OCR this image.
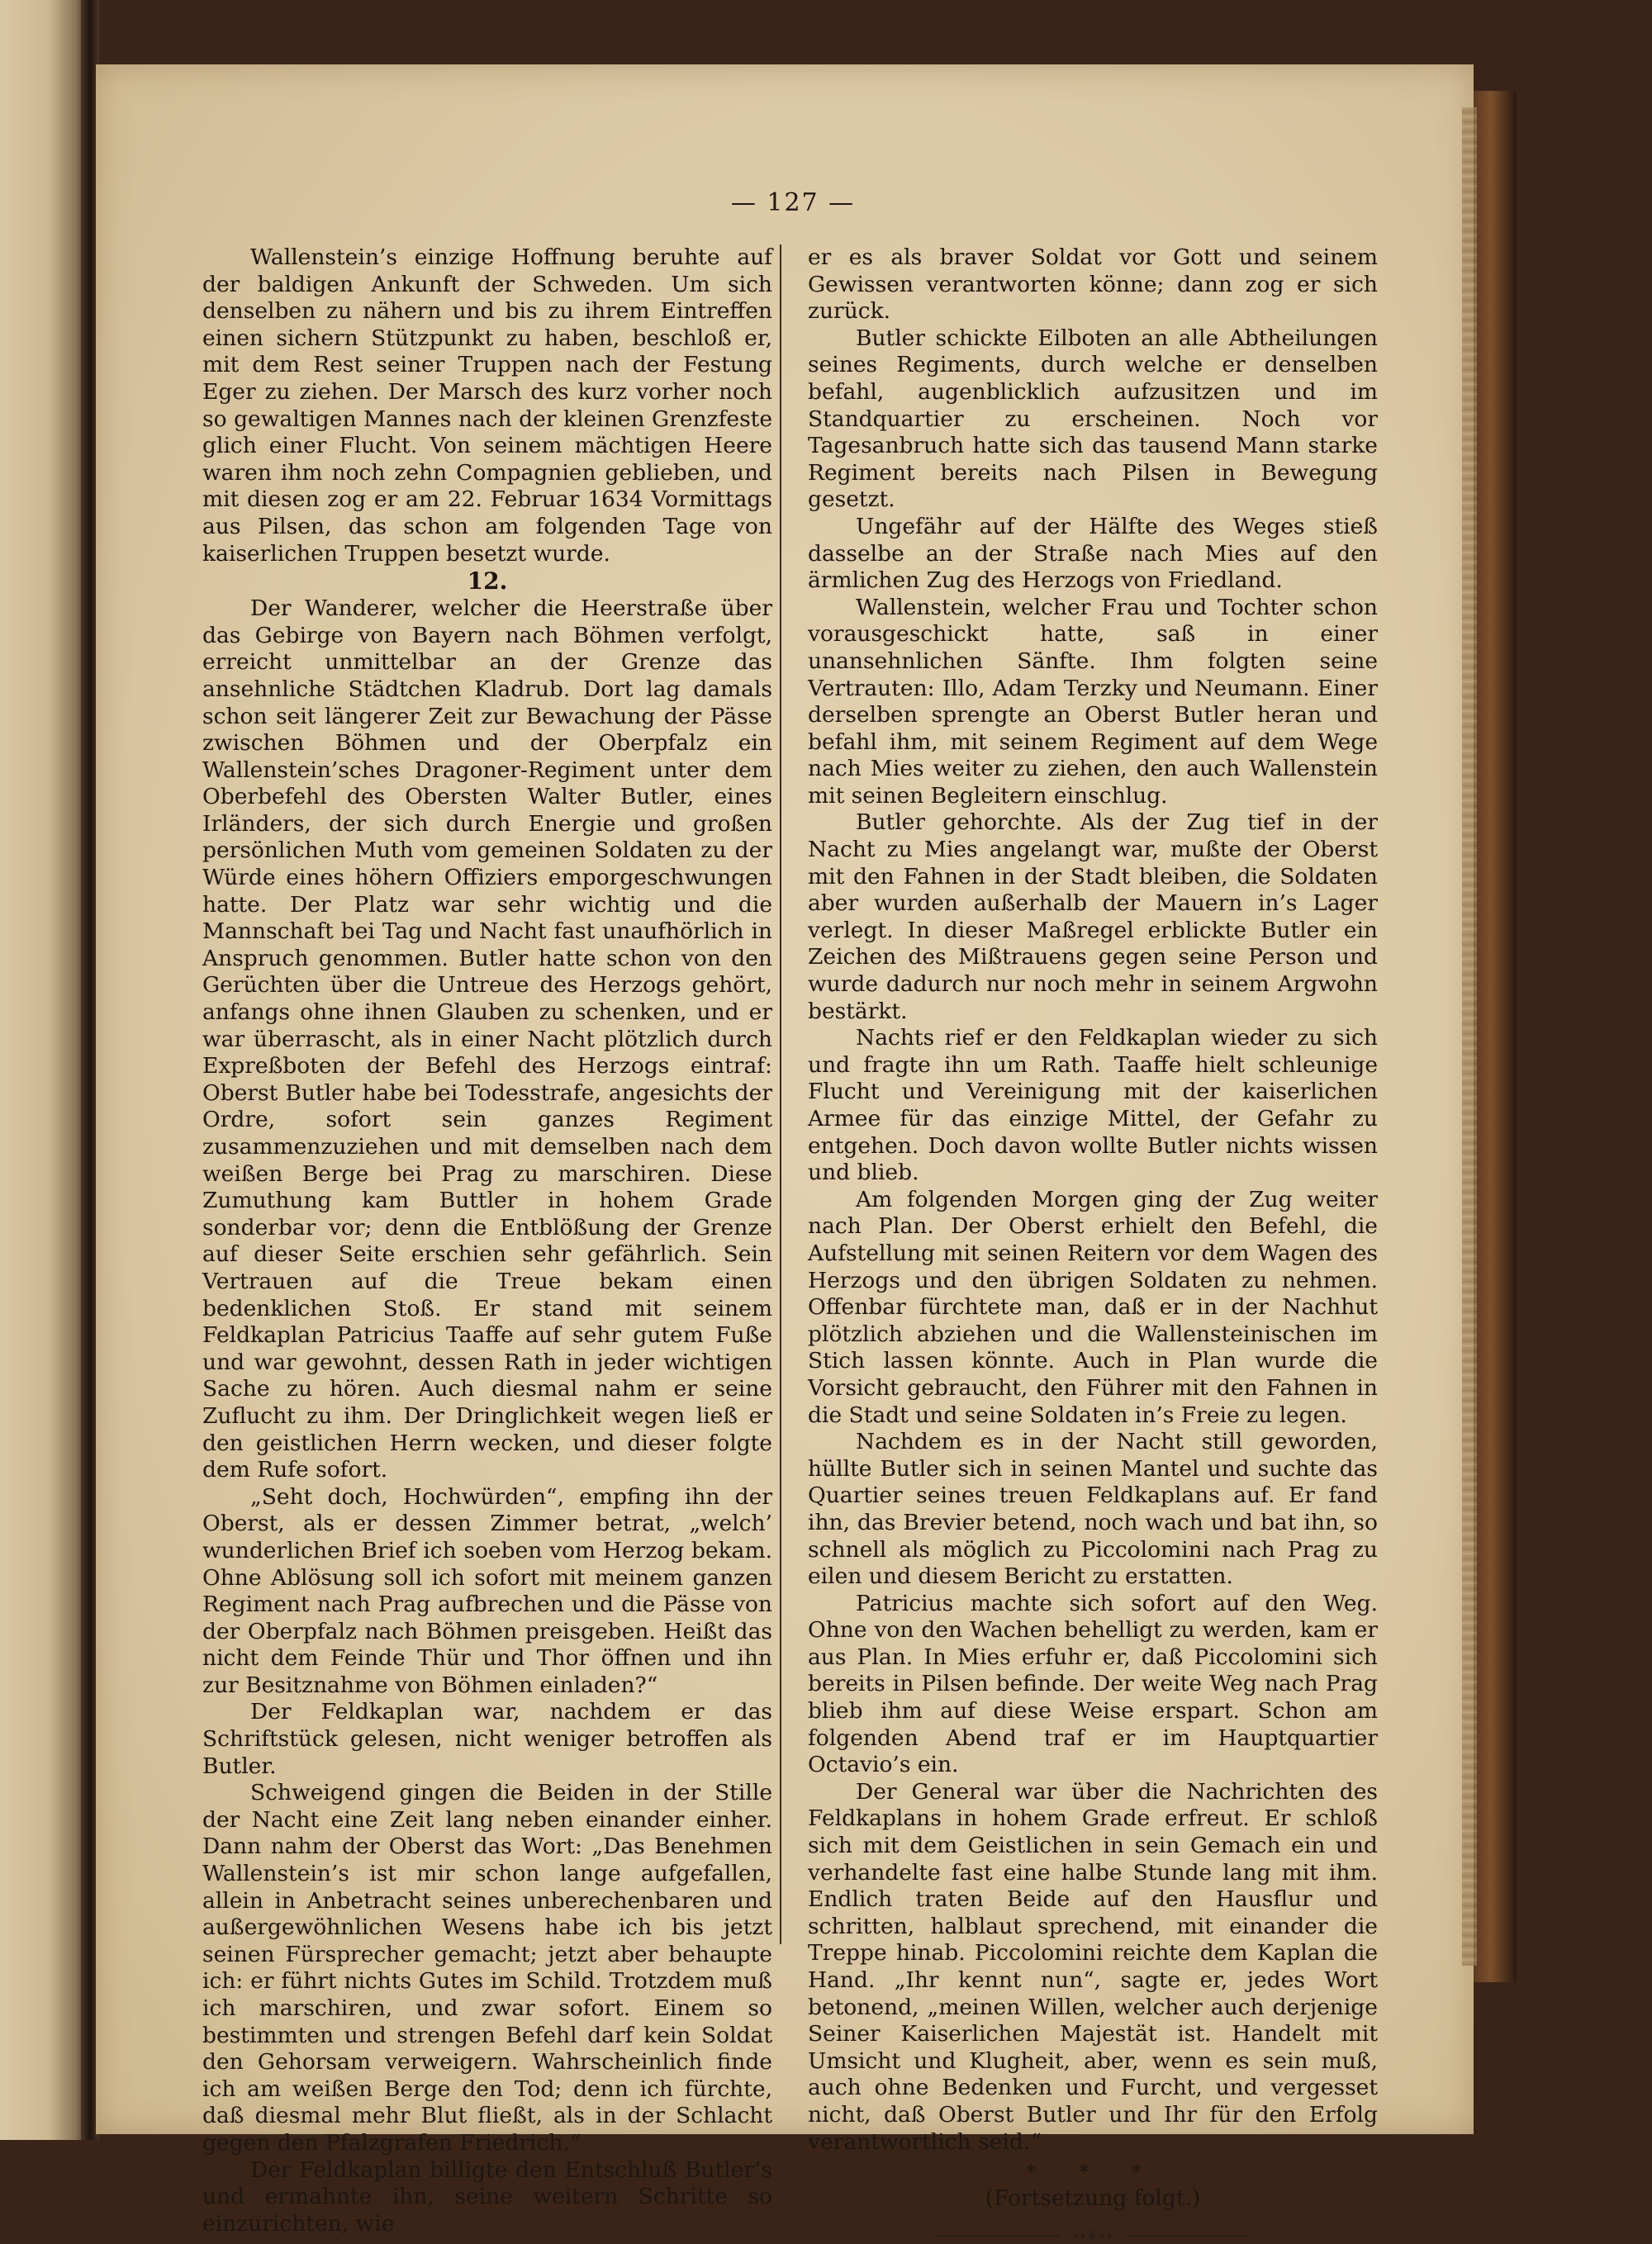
— 127 —

Wallenstein’s einzige Hoffnung beruhte auf der baldigen Ankunft der Schweden. Um sich denselben zu nähern und bis zu ihrem Eintreffen einen sichern Stützpunkt zu haben, beschloß er, mit dem Rest seiner Truppen nach der Festung Eger zu ziehen. Der Marsch des kurz vorher noch so gewaltigen Mannes nach der kleinen Grenzfeste glich einer Flucht. Von seinem mächtigen Heere waren ihm noch zehn Compagnien geblieben, und mit diesen zog er am 22. Februar 1634 Vormittags aus Pilsen, das schon am folgenden Tage von kaiserlichen Truppen besetzt wurde.

12.

Der Wanderer, welcher die Heerstraße über das Gebirge von Bayern nach Böhmen verfolgt, erreicht unmittelbar an der Grenze das ansehnliche Städtchen Kladrub. Dort lag damals schon seit längerer Zeit zur Bewachung der Pässe zwischen Böhmen und der Oberpfalz ein Wallenstein’sches Dragoner-Regiment unter dem Oberbefehl des Obersten Walter Butler, eines Irländers, der sich durch Energie und großen persönlichen Muth vom gemeinen Soldaten zu der Würde eines höhern Offiziers emporgeschwungen hatte. Der Platz war sehr wichtig und die Mannschaft bei Tag und Nacht fast unaufhörlich in Anspruch genommen. Butler hatte schon von den Gerüchten über die Untreue des Herzogs gehört, anfangs ohne ihnen Glauben zu schenken, und er war überrascht, als in einer Nacht plötzlich durch Expreßboten der Befehl des Herzogs eintraf: Oberst Butler habe bei Todesstrafe, angesichts der Ordre, sofort sein ganzes Regiment zusammenzuziehen und mit demselben nach dem weißen Berge bei Prag zu marschiren. Diese Zumuthung kam Buttler in hohem Grade sonderbar vor; denn die Entblößung der Grenze auf dieser Seite erschien sehr gefährlich. Sein Vertrauen auf die Treue bekam einen bedenklichen Stoß. Er stand mit seinem Feldkaplan Patricius Taaffe auf sehr gutem Fuße und war gewohnt, dessen Rath in jeder wichtigen Sache zu hören. Auch diesmal nahm er seine Zuflucht zu ihm. Der Dringlichkeit wegen ließ er den geistlichen Herrn wecken, und dieser folgte dem Rufe sofort.

„Seht doch, Hochwürden“, empfing ihn der Oberst, als er dessen Zimmer betrat, „welch’ wunderlichen Brief ich soeben vom Herzog bekam. Ohne Ablösung soll ich sofort mit meinem ganzen Regiment nach Prag aufbrechen und die Pässe von der Oberpfalz nach Böhmen preisgeben. Heißt das nicht dem Feinde Thür und Thor öffnen und ihn zur Besitznahme von Böhmen einladen?“

Der Feldkaplan war, nachdem er das Schriftstück gelesen, nicht weniger betroffen als Butler.

Schweigend gingen die Beiden in der Stille der Nacht eine Zeit lang neben einander einher. Dann nahm der Oberst das Wort: „Das Benehmen Wallenstein’s ist mir schon lange aufgefallen, allein in Anbetracht seines unberechenbaren und außergewöhnlichen Wesens habe ich bis jetzt seinen Fürsprecher gemacht; jetzt aber behaupte ich: er führt nichts Gutes im Schild. Trotzdem muß ich marschiren, und zwar sofort. Einem so bestimmten und strengen Befehl darf kein Soldat den Gehorsam verweigern. Wahrscheinlich finde ich am weißen Berge den Tod; denn ich fürchte, daß diesmal mehr Blut fließt, als in der Schlacht gegen den Pfalzgrafen Friedrich.“

Der Feldkaplan billigte den Entschluß Butler’s und ermahnte ihn, seine weitern Schritte so einzurichten, wie

er es als braver Soldat vor Gott und seinem Gewissen verantworten könne; dann zog er sich zurück.

Butler schickte Eilboten an alle Abtheilungen seines Regiments, durch welche er denselben befahl, augenblicklich aufzusitzen und im Standquartier zu erscheinen. Noch vor Tagesanbruch hatte sich das tausend Mann starke Regiment bereits nach Pilsen in Bewegung gesetzt.

Ungefähr auf der Hälfte des Weges stieß dasselbe an der Straße nach Mies auf den ärmlichen Zug des Herzogs von Friedland.

Wallenstein, welcher Frau und Tochter schon vorausgeschickt hatte, saß in einer unansehnlichen Sänfte. Ihm folgten seine Vertrauten: Illo, Adam Terzky und Neumann. Einer derselben sprengte an Oberst Butler heran und befahl ihm, mit seinem Regiment auf dem Wege nach Mies weiter zu ziehen, den auch Wallenstein mit seinen Begleitern einschlug.

Butler gehorchte. Als der Zug tief in der Nacht zu Mies angelangt war, mußte der Oberst mit den Fahnen in der Stadt bleiben, die Soldaten aber wurden außerhalb der Mauern in’s Lager verlegt. In dieser Maßregel erblickte Butler ein Zeichen des Mißtrauens gegen seine Person und wurde dadurch nur noch mehr in seinem Argwohn bestärkt.

Nachts rief er den Feldkaplan wieder zu sich und fragte ihn um Rath. Taaffe hielt schleunige Flucht und Vereinigung mit der kaiserlichen Armee für das einzige Mittel, der Gefahr zu entgehen. Doch davon wollte Butler nichts wissen und blieb.

Am folgenden Morgen ging der Zug weiter nach Plan. Der Oberst erhielt den Befehl, die Aufstellung mit seinen Reitern vor dem Wagen des Herzogs und den übrigen Soldaten zu nehmen. Offenbar fürchtete man, daß er in der Nachhut plötzlich abziehen und die Wallensteinischen im Stich lassen könnte. Auch in Plan wurde die Vorsicht gebraucht, den Führer mit den Fahnen in die Stadt und seine Soldaten in’s Freie zu legen.

Nachdem es in der Nacht still geworden, hüllte Butler sich in seinen Mantel und suchte das Quartier seines treuen Feldkaplans auf. Er fand ihn, das Brevier betend, noch wach und bat ihn, so schnell als möglich zu Piccolomini nach Prag zu eilen und diesem Bericht zu erstatten.

Patricius machte sich sofort auf den Weg. Ohne von den Wachen behelligt zu werden, kam er aus Plan. In Mies erfuhr er, daß Piccolomini sich bereits in Pilsen befinde. Der weite Weg nach Prag blieb ihm auf diese Weise erspart. Schon am folgenden Abend traf er im Hauptquartier Octavio’s ein.

Der General war über die Nachrichten des Feldkaplans in hohem Grade erfreut. Er schloß sich mit dem Geistlichen in sein Gemach ein und verhandelte fast eine halbe Stunde lang mit ihm. Endlich traten Beide auf den Hausflur und schritten, halblaut sprechend, mit einander die Treppe hinab. Piccolomini reichte dem Kaplan die Hand. „Ihr kennt nun“, sagte er, jedes Wort betonend, „meinen Willen, welcher auch derjenige Seiner Kaiserlichen Majestät ist. Handelt mit Umsicht und Klugheit, aber, wenn es sein muß, auch ohne Bedenken und Furcht, und vergesset nicht, daß Oberst Butler und Ihr für den Erfolg verantwortlich seid.“

* * *
(Fortsetzung folgt.)
∙∙❦∙∙
